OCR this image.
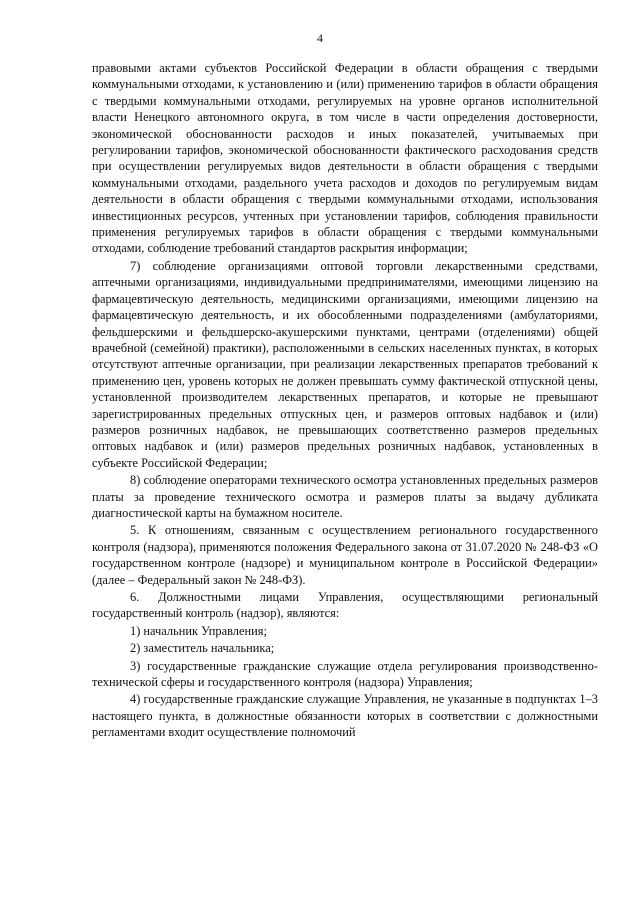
4

правовыми актами субъектов Российской Федерации в области обращения с твердыми коммунальными отходами, к установлению и (или) применению тарифов в области обращения с твердыми коммунальными отходами, регулируемых на уровне органов исполнительной власти Ненецкого автономного округа, в том числе в части определения достоверности, экономической обоснованности расходов и иных показателей, учитываемых при регулировании тарифов, экономической обоснованности фактического расходования средств при осуществлении регулируемых видов деятельности в области обращения с твердыми коммунальными отходами, раздельного учета расходов и доходов по регулируемым видам деятельности в области обращения с твердыми коммунальными отходами, использования инвестиционных ресурсов, учтенных при установлении тарифов, соблюдения правильности применения регулируемых тарифов в области обращения с твердыми коммунальными отходами, соблюдение требований стандартов раскрытия информации;

7) соблюдение организациями оптовой торговли лекарственными средствами, аптечными организациями, индивидуальными предпринимателями, имеющими лицензию на фармацевтическую деятельность, медицинскими организациями, имеющими лицензию на фармацевтическую деятельность, и их обособленными подразделениями (амбулаториями, фельдшерскими и фельдшерско-акушерскими пунктами, центрами (отделениями) общей врачебной (семейной) практики), расположенными в сельских населенных пунктах, в которых отсутствуют аптечные организации, при реализации лекарственных препаратов требований к применению цен, уровень которых не должен превышать сумму фактической отпускной цены, установленной производителем лекарственных препаратов, и которые не превышают зарегистрированных предельных отпускных цен, и размеров оптовых надбавок и (или) размеров розничных надбавок, не превышающих соответственно размеров предельных оптовых надбавок и (или) размеров предельных розничных надбавок, установленных в субъекте Российской Федерации;

8) соблюдение операторами технического осмотра установленных предельных размеров платы за проведение технического осмотра и размеров платы за выдачу дубликата диагностической карты на бумажном носителе.

5. К отношениям, связанным с осуществлением регионального государственного контроля (надзора), применяются положения Федерального закона от 31.07.2020 № 248-ФЗ «О государственном контроле (надзоре) и муниципальном контроле в Российской Федерации» (далее – Федеральный закон № 248-ФЗ).

6. Должностными лицами Управления, осуществляющими региональный государственный контроль (надзор), являются:

1) начальник Управления;

2) заместитель начальника;

3) государственные гражданские служащие отдела регулирования производственно-технической сферы и государственного контроля (надзора) Управления;

4) государственные гражданские служащие Управления, не указанные в подпунктах 1–3 настоящего пункта, в должностные обязанности которых в соответствии с должностными регламентами входит осуществление полномочий
